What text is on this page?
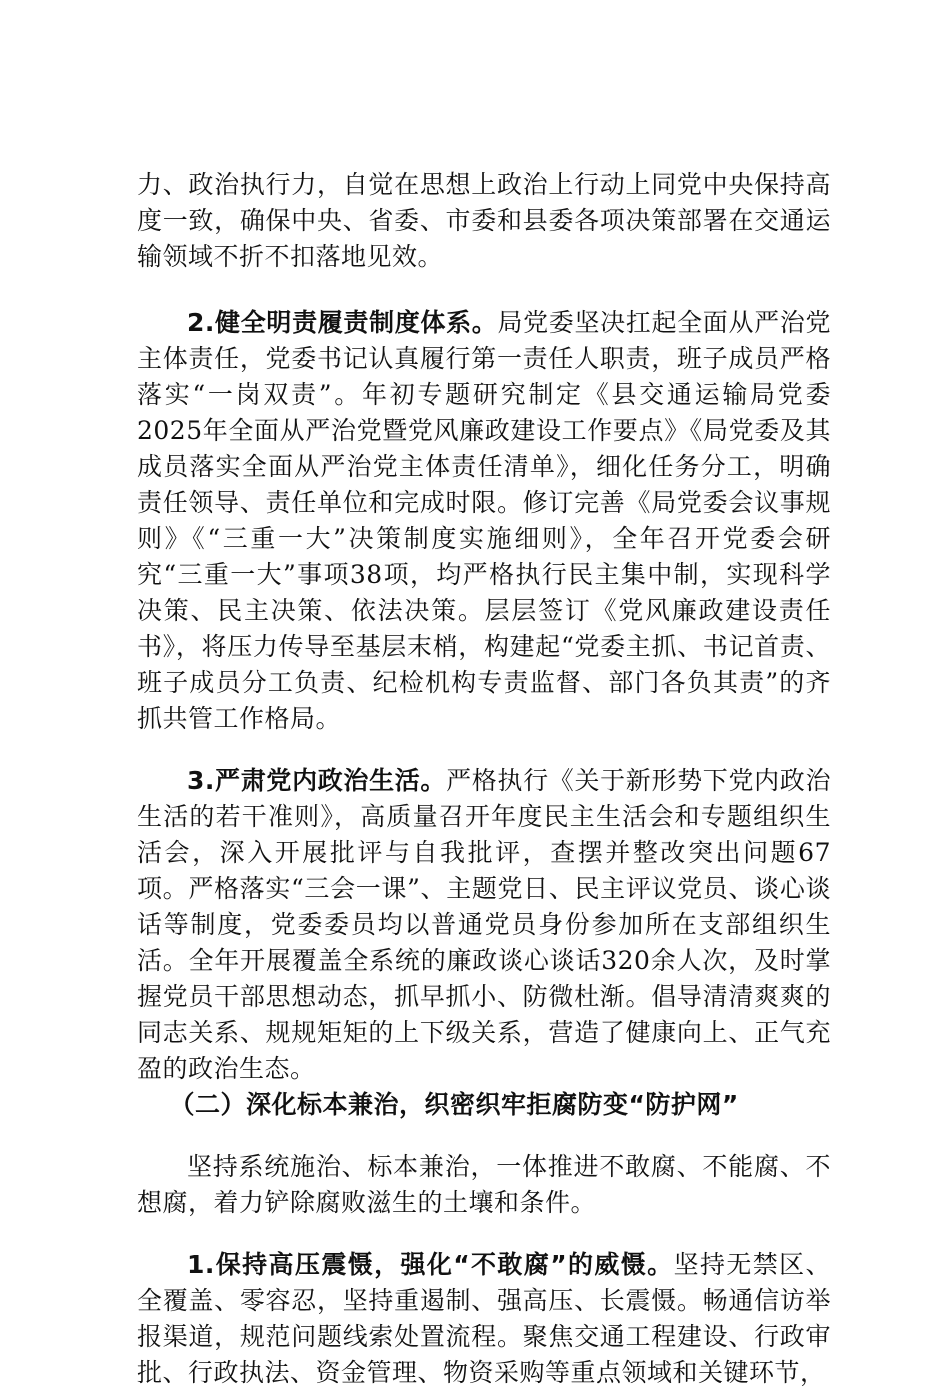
力、政治执行力，自觉在思想上政治上行动上同党中央保持高度一致，确保中央、省委、市委和县委各项决策部署在交通运输领域不折不扣落地见效。

2.健全明责履责制度体系。局党委坚决扛起全面从严治党主体责任，党委书记认真履行第一责任人职责，班子成员严格落实“一岗双责”。年初专题研究制定《县交通运输局党委2025年全面从严治党暨党风廉政建设工作要点》《局党委及其成员落实全面从严治党主体责任清单》，细化任务分工，明确责任领导、责任单位和完成时限。修订完善《局党委会议事规则》《“三重一大”决策制度实施细则》，全年召开党委会研究“三重一大”事项38项，均严格执行民主集中制，实现科学决策、民主决策、依法决策。层层签订《党风廉政建设责任书》，将压力传导至基层末梢，构建起“党委主抓、书记首责、班子成员分工负责、纪检机构专责监督、部门各负其责”的齐抓共管工作格局。

3.严肃党内政治生活。严格执行《关于新形势下党内政治生活的若干准则》，高质量召开年度民主生活会和专题组织生活会，深入开展批评与自我批评，查摆并整改突出问题67项。严格落实“三会一课”、主题党日、民主评议党员、谈心谈话等制度，党委委员均以普通党员身份参加所在支部组织生活。全年开展覆盖全系统的廉政谈心谈话320余人次，及时掌握党员干部思想动态，抓早抓小、防微杜渐。倡导清清爽爽的同志关系、规规矩矩的上下级关系，营造了健康向上、正气充盈的政治生态。

（二）深化标本兼治，织密织牢拒腐防变“防护网”

坚持系统施治、标本兼治，一体推进不敢腐、不能腐、不想腐，着力铲除腐败滋生的土壤和条件。

1.保持高压震慑，强化“不敢腐”的威慑。坚持无禁区、全覆盖、零容忍，坚持重遏制、强高压、长震慑。畅通信访举报渠道，规范问题线索处置流程。聚焦交通工程建设、行政审批、行政执法、资金管理、物资采购等重点领域和关键环节，
